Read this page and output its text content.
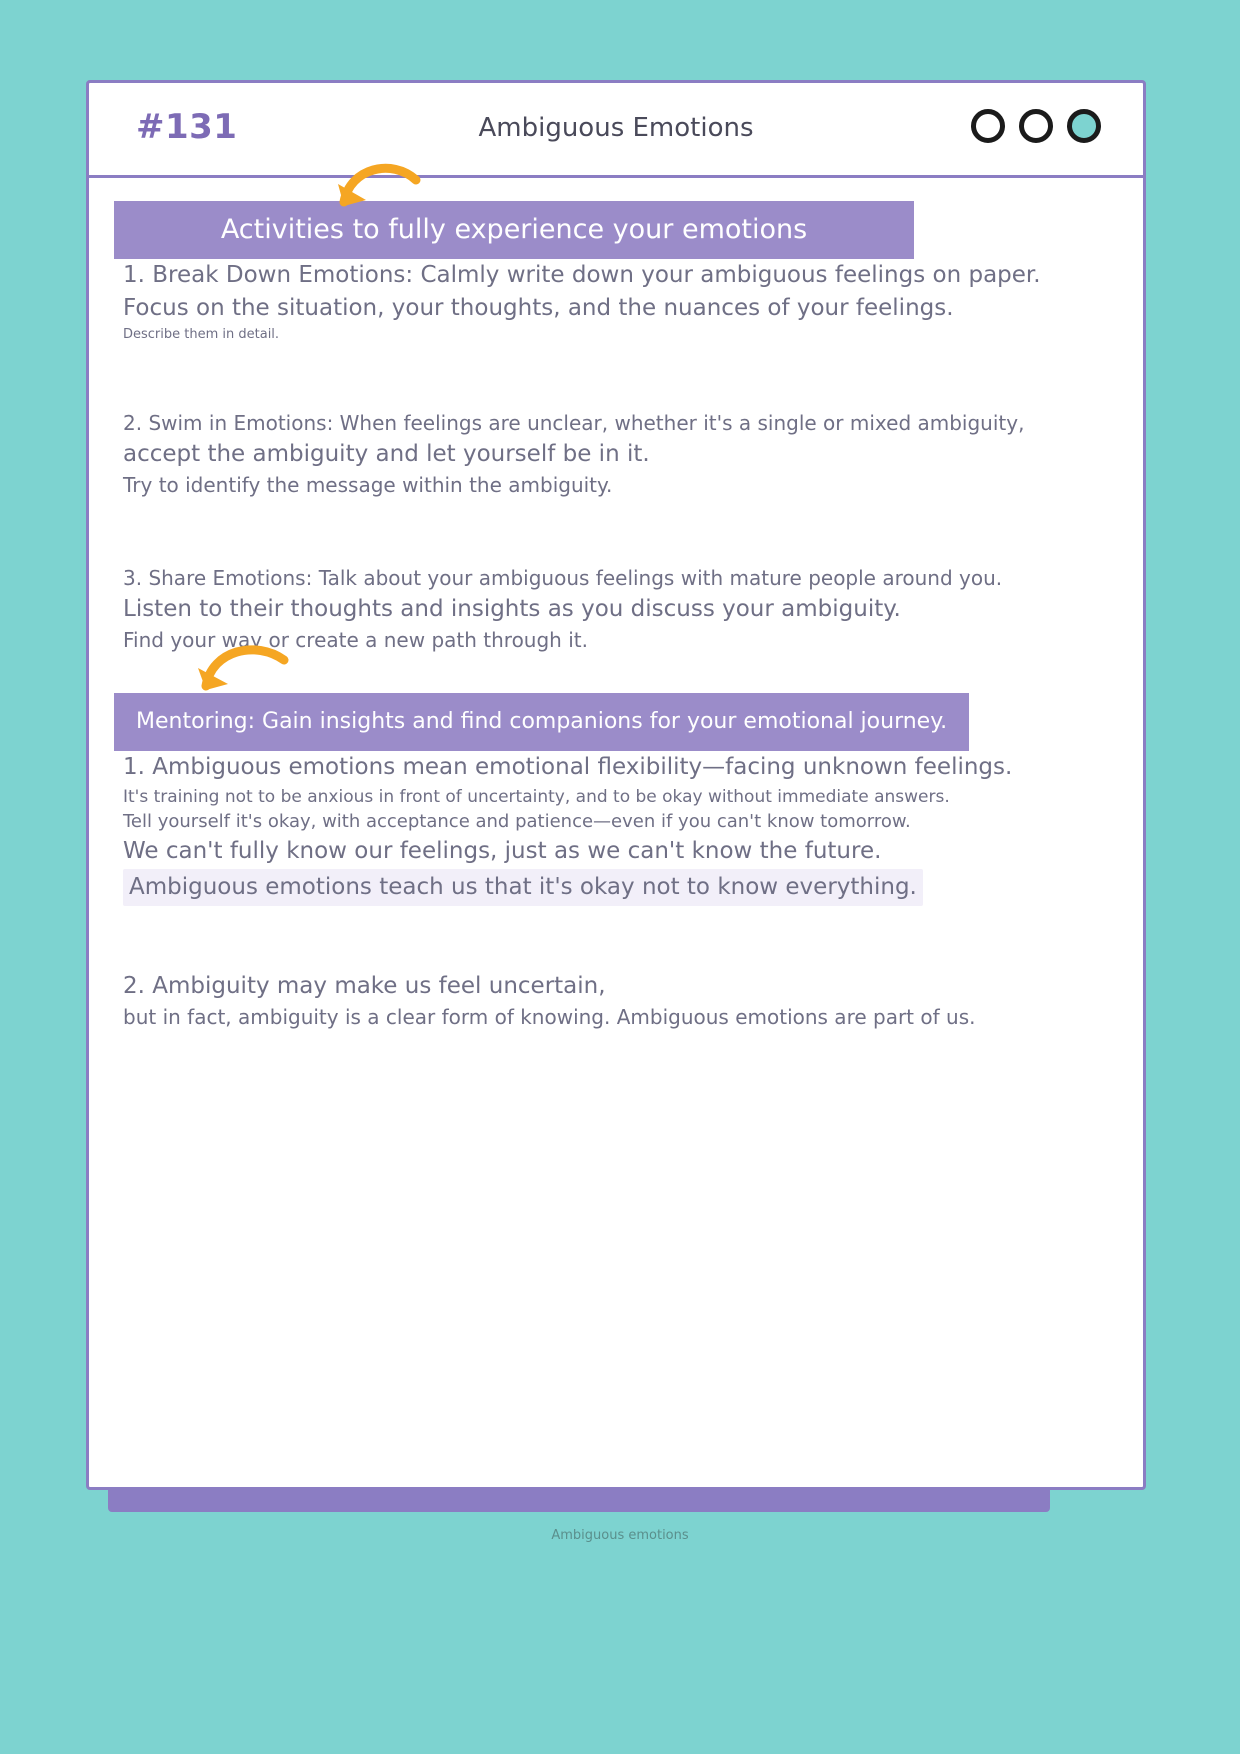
#131	Ambiguous Emotions
Activities to fully experience your emotions

1. Break Down Emotions: Calmly write down your ambiguous feelings on paper.

Focus on the situation, your thoughts, and the nuances of your feelings.

Describe them in detail.

2. Swim in Emotions: When feelings are unclear, whether it's a single or mixed ambiguity,

accept the ambiguity and let yourself be in it.

Try to identify the message within the ambiguity.

3. Share Emotions: Talk about your ambiguous feelings with mature people around you.

Listen to their thoughts and insights as you discuss your ambiguity.

Find your way or create a new path through it.

Mentoring: Gain insights and find companions for your emotional journey.

1. Ambiguous emotions mean emotional flexibility—facing unknown feelings.

It's training not to be anxious in front of uncertainty, and to be okay without immediate answers.

Tell yourself it's okay, with acceptance and patience—even if you can't know tomorrow.

We can't fully know our feelings, just as we can't know the future.

Ambiguous emotions teach us that it's okay not to know everything.

2. Ambiguity may make us feel uncertain,

but in fact, ambiguity is a clear form of knowing. Ambiguous emotions are part of us.

Ambiguous emotions
